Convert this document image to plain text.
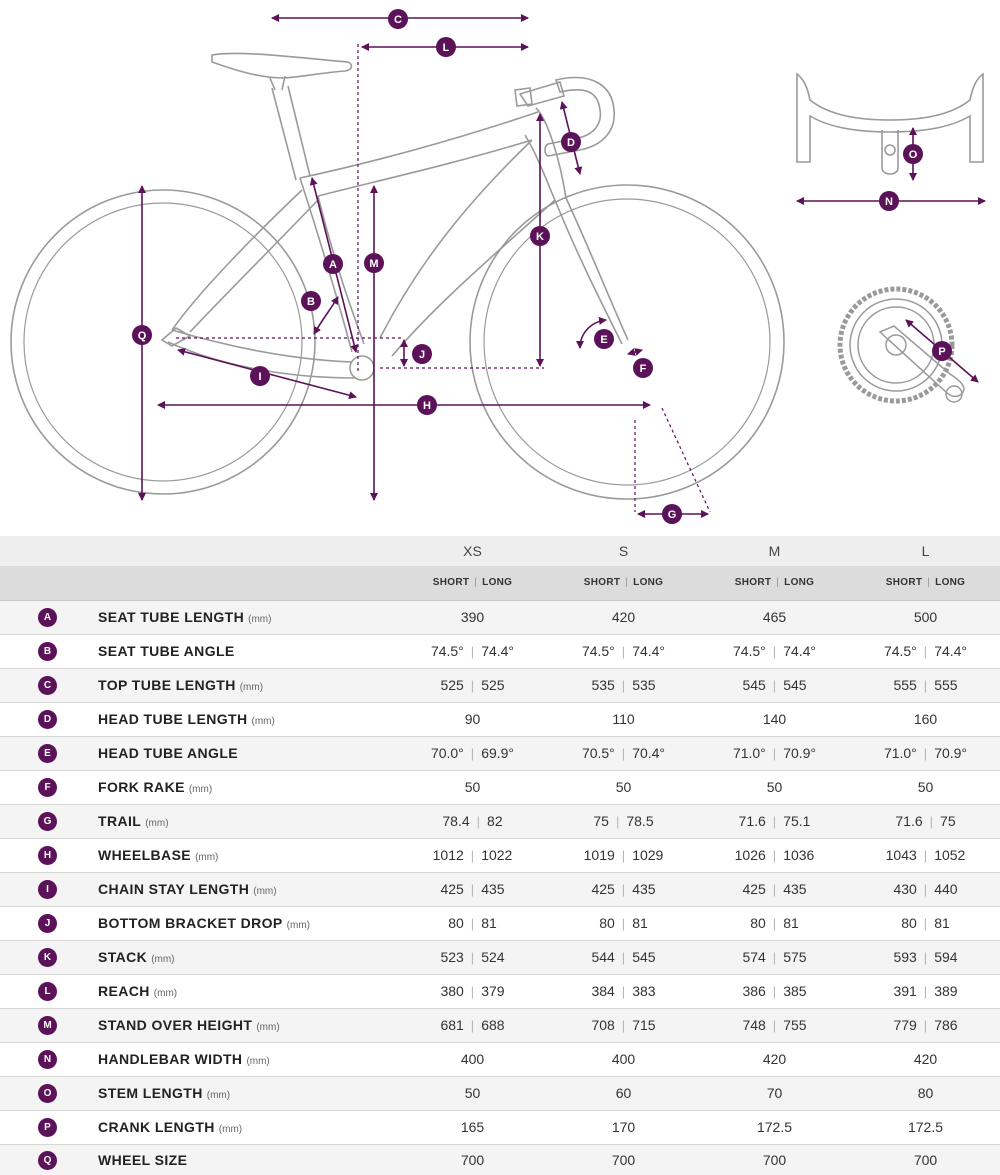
C
L
D
K
M
A
B
Q	E
F
J
I
H
G
O
N
P
		XS	S	M	L
		SHORT | LONG	SHORT | LONG	SHORT | LONG	SHORT | LONG
A	SEAT TUBE LENGTH (mm)	390	420	465	500
B	SEAT TUBE ANGLE	74.5° | 74.4°	74.5° | 74.4°	74.5° | 74.4°	74.5° | 74.4°

C	TOP TUBE LENGTH (mm)	525 | 525	535 | 535	545 | 545	555 | 555

D	HEAD TUBE LENGTH (mm)	90	110	140	160
E	HEAD TUBE ANGLE	70.0° | 69.9°	70.5° | 70.4°	71.0° | 70.9°	71.0° | 70.9°

F	FORK RAKE (mm)	50	50	50	50
G	TRAIL (mm)	78.4 | 82	75 | 78.5	71.6 | 75.1	71.6 | 75

H	WHEELBASE (mm)	1012 | 1022	1019 | 1029	1026 | 1036	1043 | 1052

I	CHAIN STAY LENGTH (mm)	425 | 435	425 | 435	425 | 435	430 | 440

J	BOTTOM BRACKET DROP (mm)	80 | 81	80 | 81	80 | 81	80 | 81

K	STACK (mm)	523 | 524	544 | 545	574 | 575	593 | 594

L	REACH (mm)	380 | 379	384 | 383	386 | 385	391 | 389

M	STAND OVER HEIGHT (mm)	681 | 688	708 | 715	748 | 755	779 | 786

N	HANDLEBAR WIDTH (mm)	400	400	420	420
O	STEM LENGTH (mm)	50	60	70	80
P	CRANK LENGTH (mm)	165	170	172.5	172.5
Q	WHEEL SIZE	700	700	700	700
